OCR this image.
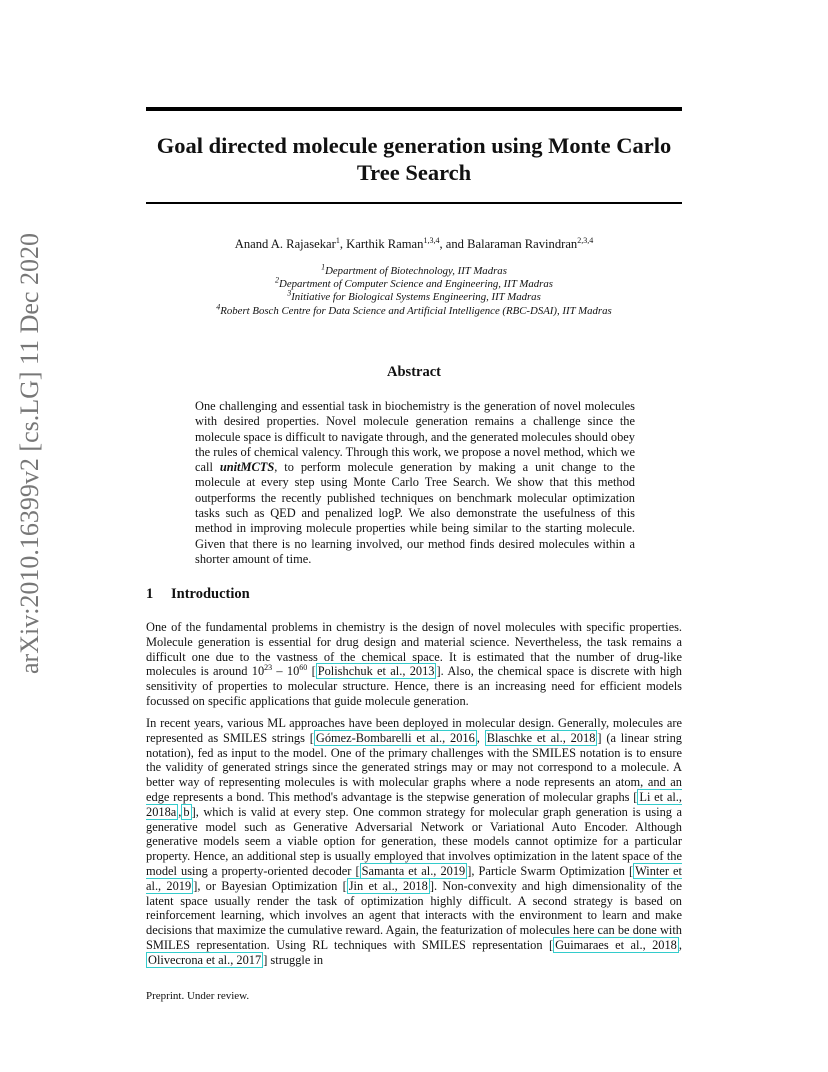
arXiv:2010.16399v2 [cs.LG] 11 Dec 2020
Goal directed molecule generation using Monte Carlo Tree Search
Anand A. Rajasekar$^1$, Karthik Raman$^{1,3,4}$, and Balaraman Ravindran$^{2,3,4}$
$^1$Department of Biotechnology, IIT Madras
$^2$Department of Computer Science and Engineering, IIT Madras
$^3$Initiative for Biological Systems Engineering, IIT Madras
$^4$Robert Bosch Centre for Data Science and Artificial Intelligence (RBC-DSAI), IIT Madras
Abstract

One challenging and essential task in biochemistry is the generation of novel molecules with desired properties. Novel molecule generation remains a challenge since the molecule space is difficult to navigate through, and the generated molecules should obey the rules of chemical valency. Through this work, we propose a novel method, which we call unitMCTS, to perform molecule generation by making a unit change to the molecule at every step using Monte Carlo Tree Search. We show that this method outperforms the recently published techniques on benchmark molecular optimization tasks such as QED and penalized logP. We also demonstrate the usefulness of this method in improving molecule properties while being similar to the starting molecule. Given that there is no learning involved, our method finds desired molecules within a shorter amount of time.

1 Introduction

One of the fundamental problems in chemistry is the design of novel molecules with specific properties. Molecule generation is essential for drug design and material science. Nevertheless, the task remains a difficult one due to the vastness of the chemical space. It is estimated that the number of drug-like molecules is around $10^{23} - 10^{60}$ [ Polishchuk et al., 2013 ]. Also, the chemical space is discrete with high sensitivity of properties to molecular structure. Hence, there is an increasing need for efficient models focussed on specific applications that guide molecule generation.

In recent years, various ML approaches have been deployed in molecular design. Generally, molecules are represented as SMILES strings [ Gómez-Bombarelli et al., 2016 , Blaschke et al., 2018 ] (a linear string notation), fed as input to the model. One of the primary challenges with the SMILES notation is to ensure the validity of generated strings since the generated strings may or may not correspond to a molecule. A better way of representing molecules is with molecular graphs where a node represents an atom, and an edge represents a bond. This method's advantage is the stepwise generation of molecular graphs [ Li et al., 2018a , b ], which is valid at every step. One common strategy for molecular graph generation is using a generative model such as Generative Adversarial Network or Variational Auto Encoder. Although generative models seem a viable option for generation, these models cannot optimize for a particular property. Hence, an additional step is usually employed that involves optimization in the latent space of the model using a property-oriented decoder [ Samanta et al., 2019 ], Particle Swarm Optimization [ Winter et al., 2019 ], or Bayesian Optimization [ Jin et al., 2018 ]. Non-convexity and high dimensionality of the latent space usually render the task of optimization highly difficult. A second strategy is based on reinforcement learning, which involves an agent that interacts with the environment to learn and make decisions that maximize the cumulative reward. Again, the featurization of molecules here can be done with SMILES representation. Using RL techniques with SMILES representation [ Guimaraes et al., 2018 , Olivecrona et al., 2017 ] struggle in

Preprint. Under review.
